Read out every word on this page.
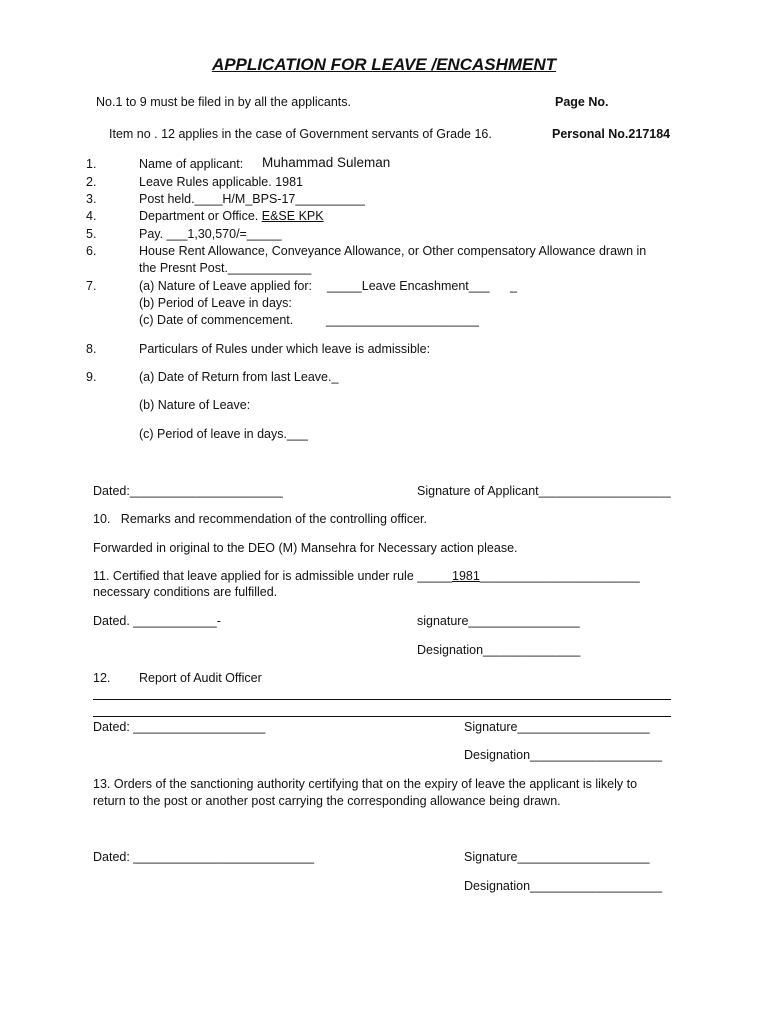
APPLICATION FOR LEAVE /ENCASHMENT
No.1 to 9 must be filed in by all the applicants.	Page No.
Item no . 12 applies in the case of Government servants of Grade 16.	Personal No.217184
1.	Name of applicant: Muhammad Suleman
2.	Leave Rules applicable. 1981
3.	Post held.____H/M_BPS-17__________
4.	Department or Office. E&SE KPK
5.	Pay. ___1,30,570/=_____
6.	House Rent Allowance, Conveyance Allowance, or Other compensatory Allowance drawn in
the Presnt Post.____________
7.	(a) Nature of Leave applied for: _____Leave Encashment___ _
(b) Period of Leave in days:
(c) Date of commencement.	______________________
8.	Particulars of Rules under which leave is admissible:
9.	(a) Date of Return from last Leave._
(b) Nature of Leave:
(c) Period of leave in days.___
Dated:______________________	Signature of Applicant___________________
10.   Remarks and recommendation of the controlling officer.
Forwarded in original to the DEO (M) Mansehra for Necessary action please.
11. Certified that leave applied for is admissible under rule _____1981_______________________
necessary conditions are fulfilled.
Dated. ____________-	signature________________
Designation______________
12. Report of Audit Officer
Dated: ___________________	Signature___________________
Designation___________________
13. Orders of the sanctioning authority certifying that on the expiry of leave the applicant is likely to
return to the post or another post carrying the corresponding allowance being drawn.
Dated: __________________________	Signature___________________
Designation___________________
